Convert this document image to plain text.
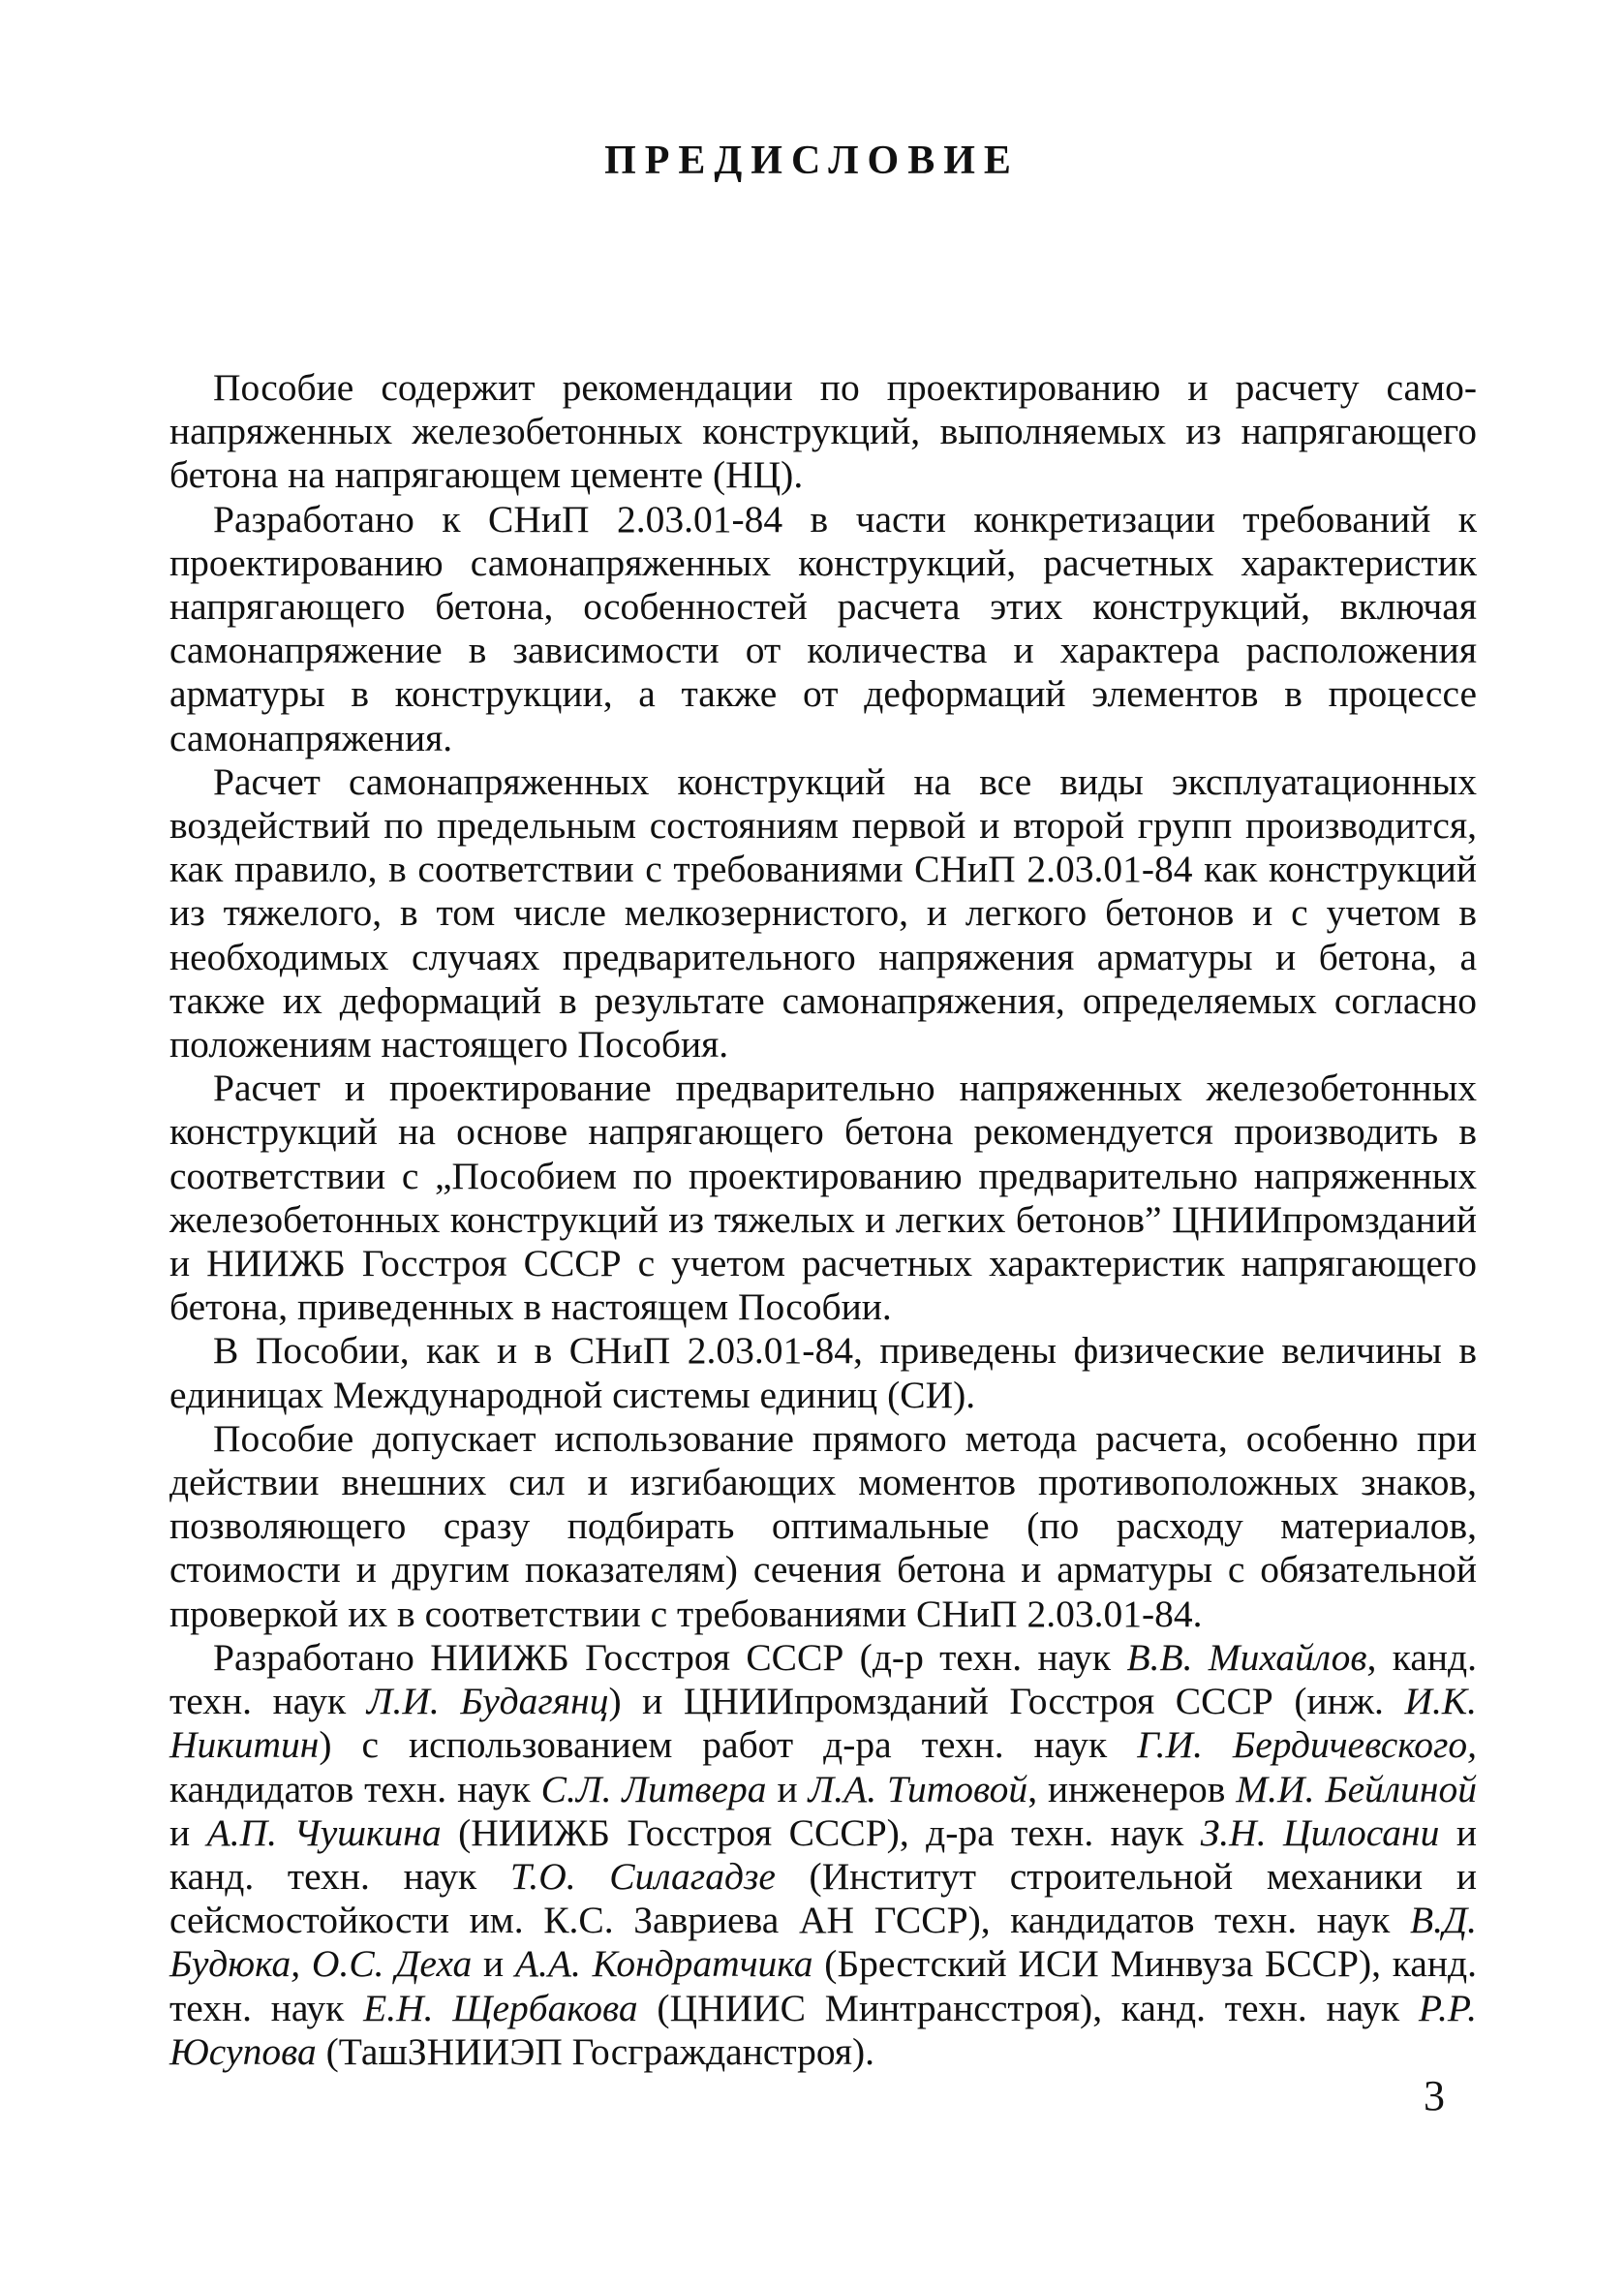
ПРЕДИСЛОВИЕ

Пособие содержит рекомендации по проектированию и расчету самонапряженных железобетонных конструкций, выполняемых из напрягающего бетона на напрягающем цементе (НЦ).

Разработано к СНиП 2.03.01-84 в части конкретизации требований к проектированию самонапряженных конструкций, расчетных характеристик напрягающего бетона, особенностей расчета этих конструкций, включая самонапряжение в зависимости от количества и характера расположения арматуры в конструкции, а также от деформаций элементов в процессе самонапряжения.

Расчет самонапряженных конструкций на все виды эксплуатационных воздействий по предельным состояниям первой и второй групп производится, как правило, в соответствии с требованиями СНиП 2.03.01-84 как конструкций из тяжелого, в том числе мелкозернистого, и легкого бетонов и с учетом в необходимых случаях предварительного напряжения арматуры и бетона, а также их деформаций в результате самонапряжения, определяемых согласно положениям настоящего Пособия.

Расчет и проектирование предварительно напряженных железобетонных конструкций на основе напрягающего бетона рекомендуется производить в соответствии с „Пособием по проектированию предварительно напряженных железобетонных конструкций из тяжелых и легких бетонов” ЦНИИпромзданий и НИИЖБ Госстроя СССР с учетом расчетных характеристик напрягающего бетона, приведенных в настоящем Пособии.

В Пособии, как и в СНиП 2.03.01-84, приведены физические величины в единицах Международной системы единиц (СИ).

Пособие допускает использование прямого метода расчета, особенно при действии внешних сил и изгибающих моментов противоположных знаков, позволяющего сразу подбирать оптимальные (по расходу материалов, стоимости и другим показателям) сечения бетона и арматуры с обязательной проверкой их в соответствии с требованиями СНиП 2.03.01-84.

Разработано НИИЖБ Госстроя СССР (д-р техн. наук В.В. Михайлов, канд. техн. наук Л.И. Будагянц) и ЦНИИпромзданий Госстроя СССР (инж. И.К. Никитин) с использованием работ д-ра техн. наук Г.И. Бердичевского, кандидатов техн. наук С.Л. Литвера и Л.А. Титовой, инженеров М.И. Бейлиной и А.П. Чушкина (НИИЖБ Госстроя СССР), д-ра техн. наук З.Н. Цилосани и канд. техн. наук Т.О. Силагадзе (Институт строительной механики и сейсмостойкости им. К.С. Завриева АН ГССР), кандидатов техн. наук В.Д. Будюка, О.С. Деха и А.А. Кондратчика (Брестский ИСИ Минвуза БССР), канд. техн. наук Е.Н. Щербакова (ЦНИИС Минтрансстроя), канд. техн. наук Р.Р. Юсупова (ТашЗНИИЭП Госгражданстроя).

3
